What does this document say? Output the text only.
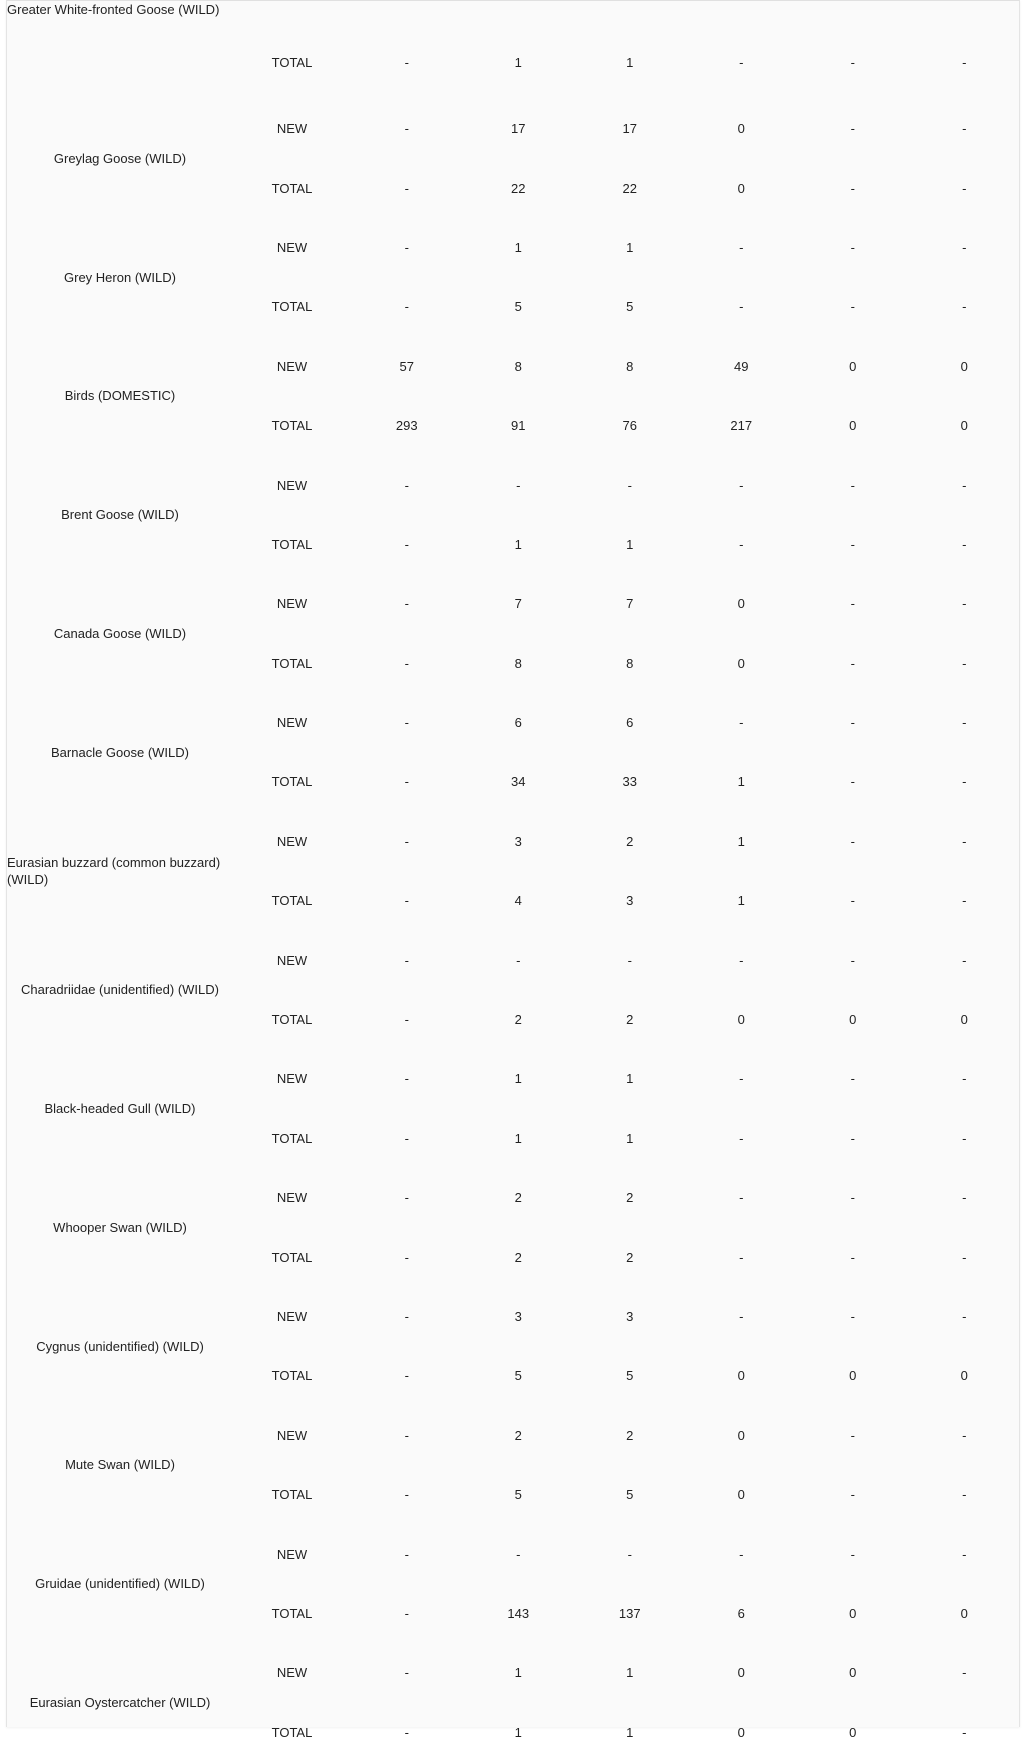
Greater White-fronted Goose (WILD)							
	TOTAL	-	1	1	-	-	-
Greylag Goose (WILD)	NEW	-	17	17	0	-	-
	TOTAL	-	22	22	0	-	-
Grey Heron (WILD)	NEW	-	1	1	-	-	-
	TOTAL	-	5	5	-	-	-
Birds (DOMESTIC)	NEW	57	8	8	49	0	0
	TOTAL	293	91	76	217	0	0
Brent Goose (WILD)	NEW	-	-	-	-	-	-
	TOTAL	-	1	1	-	-	-
Canada Goose (WILD)	NEW	-	7	7	0	-	-
	TOTAL	-	8	8	0	-	-
Barnacle Goose (WILD)	NEW	-	6	6	-	-	-
	TOTAL	-	34	33	1	-	-
Eurasian buzzard (common buzzard) (WILD)	NEW	-	3	2	1	-	-
	TOTAL	-	4	3	1	-	-
Charadriidae (unidentified) (WILD)	NEW	-	-	-	-	-	-
	TOTAL	-	2	2	0	0	0
Black-headed Gull (WILD)	NEW	-	1	1	-	-	-
	TOTAL	-	1	1	-	-	-
Whooper Swan (WILD)	NEW	-	2	2	-	-	-
	TOTAL	-	2	2	-	-	-
Cygnus (unidentified) (WILD)	NEW	-	3	3	-	-	-
	TOTAL	-	5	5	0	0	0
Mute Swan (WILD)	NEW	-	2	2	0	-	-
	TOTAL	-	5	5	0	-	-
Gruidae (unidentified) (WILD)	NEW	-	-	-	-	-	-
	TOTAL	-	143	137	6	0	0
Eurasian Oystercatcher (WILD)	NEW	-	1	1	0	0	-
	TOTAL	-	1	1	0	0	-
